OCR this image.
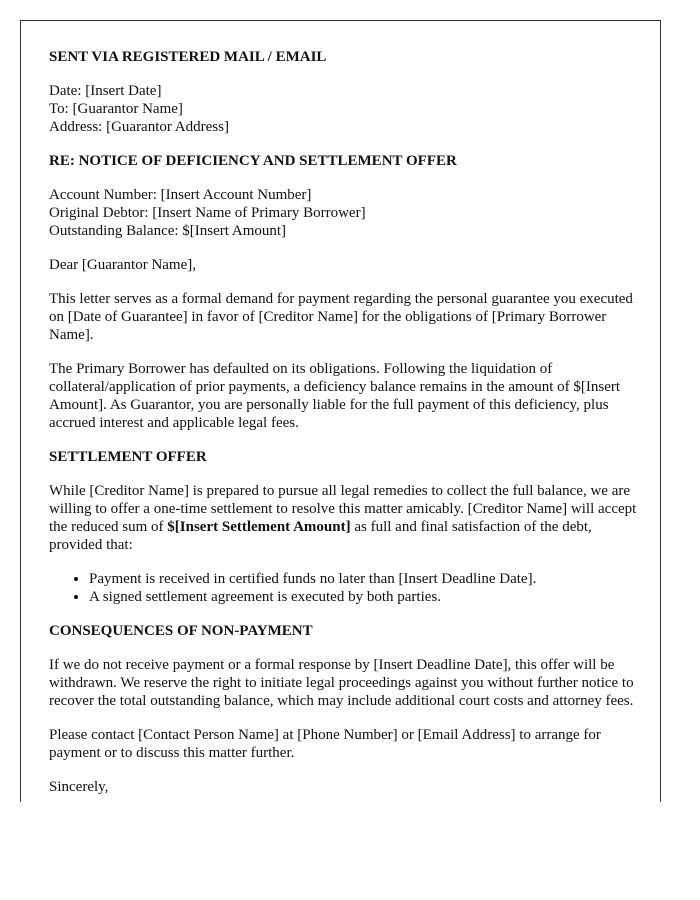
SENT VIA REGISTERED MAIL / EMAIL
Date: [Insert Date]
To: [Guarantor Name]
Address: [Guarantor Address]
RE: NOTICE OF DEFICIENCY AND SETTLEMENT OFFER
Account Number: [Insert Account Number]
Original Debtor: [Insert Name of Primary Borrower]
Outstanding Balance: $[Insert Amount]

Dear [Guarantor Name],

This letter serves as a formal demand for payment regarding the personal guarantee you executed on [Date of Guarantee] in favor of [Creditor Name] for the obligations of [Primary Borrower Name].

The Primary Borrower has defaulted on its obligations. Following the liquidation of collateral/application of prior payments, a deficiency balance remains in the amount of $[Insert Amount]. As Guarantor, you are personally liable for the full payment of this deficiency, plus accrued interest and applicable legal fees.

SETTLEMENT OFFER

While [Creditor Name] is prepared to pursue all legal remedies to collect the full balance, we are willing to offer a one-time settlement to resolve this matter amicably. [Creditor Name] will accept the reduced sum of $[Insert Settlement Amount] as full and final satisfaction of the debt, provided that:

• Payment is received in certified funds no later than [Insert Deadline Date].
• A signed settlement agreement is executed by both parties.
CONSEQUENCES OF NON-PAYMENT

If we do not receive payment or a formal response by [Insert Deadline Date], this offer will be withdrawn. We reserve the right to initiate legal proceedings against you without further notice to recover the total outstanding balance, which may include additional court costs and attorney fees.

Please contact [Contact Person Name] at [Phone Number] or [Email Address] to arrange for payment or to discuss this matter further.

Sincerely,
